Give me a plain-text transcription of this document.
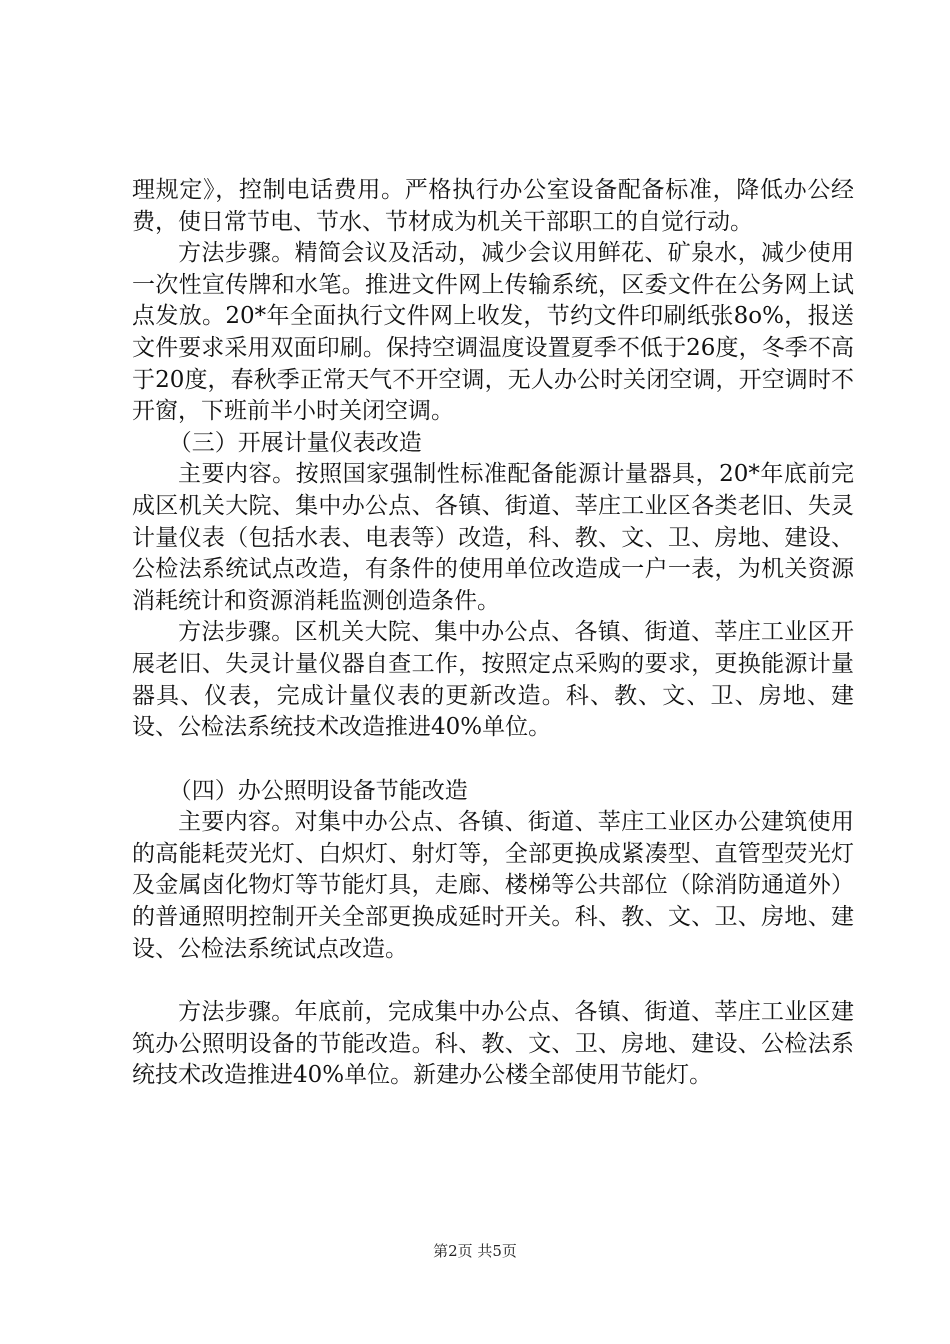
理规定》，控制电话费用。严格执行办公室设备配备标准，降低办公经费，使日常节电、节水、节材成为机关干部职工的自觉行动。

方法步骤。精简会议及活动，减少会议用鲜花、矿泉水，减少使用一次性宣传牌和水笔。推进文件网上传输系统，区委文件在公务网上试点发放。20*年全面执行文件网上收发，节约文件印刷纸张8o%，报送文件要求采用双面印刷。保持空调温度设置夏季不低于26度，冬季不高于20度，春秋季正常天气不开空调，无人办公时关闭空调，开空调时不开窗，下班前半小时关闭空调。

（三）开展计量仪表改造

主要内容。按照国家强制性标准配备能源计量器具，20*年底前完成区机关大院、集中办公点、各镇、街道、莘庄工业区各类老旧、失灵计量仪表（包括水表、电表等）改造，科、教、文、卫、房地、建设、公检法系统试点改造，有条件的使用单位改造成一户一表，为机关资源消耗统计和资源消耗监测创造条件。

方法步骤。区机关大院、集中办公点、各镇、街道、莘庄工业区开展老旧、失灵计量仪器自查工作，按照定点采购的要求，更换能源计量器具、仪表，完成计量仪表的更新改造。科、教、文、卫、房地、建设、公检法系统技术改造推进40%单位。

（四）办公照明设备节能改造

主要内容。对集中办公点、各镇、街道、莘庄工业区办公建筑使用的高能耗荧光灯、白炽灯、射灯等，全部更换成紧凑型、直管型荧光灯及金属卤化物灯等节能灯具，走廊、楼梯等公共部位（除消防通道外）的普通照明控制开关全部更换成延时开关。科、教、文、卫、房地、建设、公检法系统试点改造。

方法步骤。年底前，完成集中办公点、各镇、街道、莘庄工业区建筑办公照明设备的节能改造。科、教、文、卫、房地、建设、公检法系统技术改造推进40%单位。新建办公楼全部使用节能灯。

第2页 共5页
